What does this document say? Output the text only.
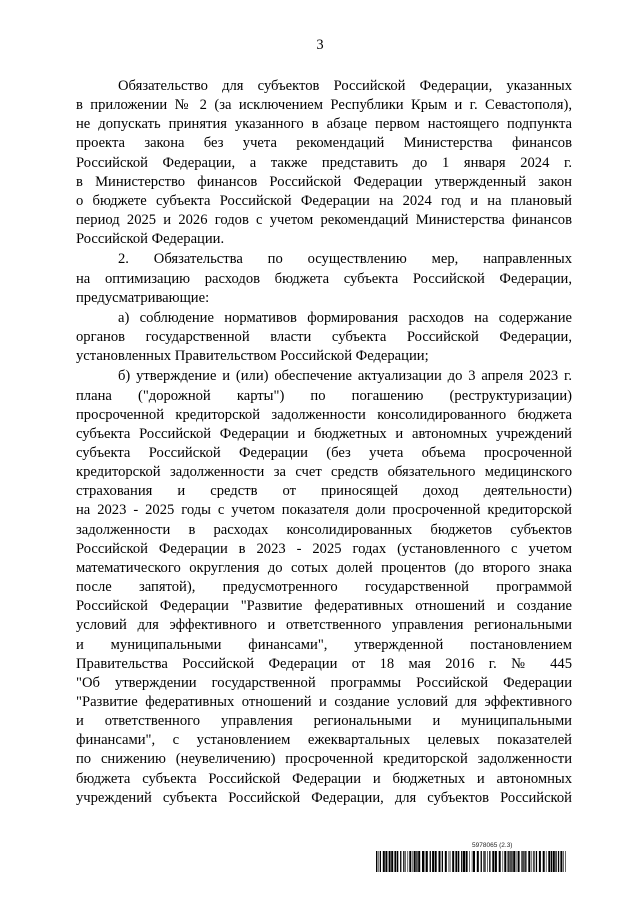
3
Обязательство для субъектов Российской Федерации, указанных
в приложении № 2 (за исключением Республики Крым и г. Севастополя),
не допускать принятия указанного в абзаце первом настоящего подпункта
проекта закона без учета рекомендаций Министерства финансов
Российской Федерации, а также представить до 1 января 2024 г.
в Министерство финансов Российской Федерации утвержденный закон
о бюджете субъекта Российской Федерации на 2024 год и на плановый
период 2025 и 2026 годов с учетом рекомендаций Министерства финансов
Российской Федерации.
2. Обязательства по осуществлению мер, направленных
на оптимизацию расходов бюджета субъекта Российской Федерации,
предусматривающие:
а) соблюдение нормативов формирования расходов на содержание
органов государственной власти субъекта Российской Федерации,
установленных Правительством Российской Федерации;
б) утверждение и (или) обеспечение актуализации до 3 апреля 2023 г.
плана ("дорожной карты") по погашению (реструктуризации)
просроченной кредиторской задолженности консолидированного бюджета
субъекта Российской Федерации и бюджетных и автономных учреждений
субъекта Российской Федерации (без учета объема просроченной
кредиторской задолженности за счет средств обязательного медицинского
страхования и средств от приносящей доход деятельности)
на 2023 - 2025 годы с учетом показателя доли просроченной кредиторской
задолженности в расходах консолидированных бюджетов субъектов
Российской Федерации в 2023 - 2025 годах (установленного с учетом
математического округления до сотых долей процентов (до второго знака
после запятой), предусмотренного государственной программой
Российской Федерации "Развитие федеративных отношений и создание
условий для эффективного и ответственного управления региональными
и муниципальными финансами", утвержденной постановлением
Правительства Российской Федерации от 18 мая 2016 г. № 445
"Об утверждении государственной программы Российской Федерации
"Развитие федеративных отношений и создание условий для эффективного
и ответственного управления региональными и муниципальными
финансами", с установлением ежеквартальных целевых показателей
по снижению (неувеличению) просроченной кредиторской задолженности
бюджета субъекта Российской Федерации и бюджетных и автономных
учреждений субъекта Российской Федерации, для субъектов Российской
5978065 (2.3)
